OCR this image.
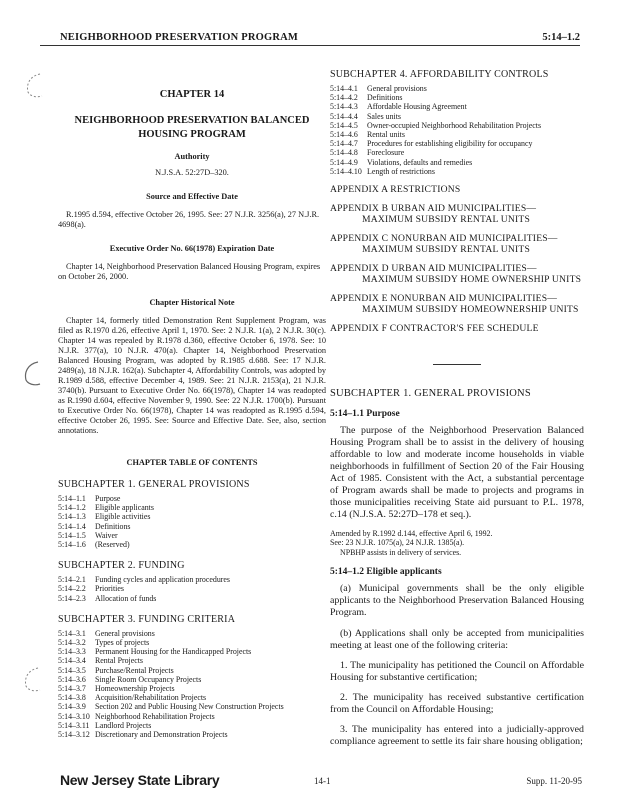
NEIGHBORHOOD PRESERVATION PROGRAM	5:14–1.2
CHAPTER 14
NEIGHBORHOOD PRESERVATION BALANCED
HOUSING PROGRAM
Authority
N.J.S.A. 52:27D–320.
Source and Effective Date
R.1995 d.594, effective October 26, 1995. See: 27 N.J.R. 3256(a), 27 N.J.R. 4698(a).
Executive Order No. 66(1978) Expiration Date
Chapter 14, Neighborhood Preservation Balanced Housing Program, expires on October 26, 2000.
Chapter Historical Note
Chapter 14, formerly titled Demonstration Rent Supplement Program, was filed as R.1970 d.26, effective April 1, 1970. See: 2 N.J.R. 1(a), 2 N.J.R. 30(c). Chapter 14 was repealed by R.1978 d.360, effective October 6, 1978. See: 10 N.J.R. 377(a), 10 N.J.R. 470(a). Chapter 14, Neighborhood Preservation Balanced Housing Program, was adopted by R.1985 d.688. See: 17 N.J.R. 2489(a), 18 N.J.R. 162(a). Subchapter 4, Affordability Controls, was adopted by R.1989 d.588, effective December 4, 1989. See: 21 N.J.R. 2153(a), 21 N.J.R. 3740(b). Pursuant to Executive Order No. 66(1978), Chapter 14 was readopted as R.1990 d.604, effective November 9, 1990. See: 22 N.J.R. 1700(b). Pursuant to Executive Order No. 66(1978), Chapter 14 was readopted as R.1995 d.594, effective October 26, 1995. See: Source and Effective Date. See, also, section annotations.
CHAPTER TABLE OF CONTENTS
SUBCHAPTER 1. GENERAL PROVISIONS
5:14–1.1	Purpose
5:14–1.2	Eligible applicants
5:14–1.3	Eligible activities
5:14–1.4	Definitions
5:14–1.5	Waiver
5:14–1.6	(Reserved)
SUBCHAPTER 2. FUNDING
5:14–2.1	Funding cycles and application procedures
5:14–2.2	Priorities
5:14–2.3	Allocation of funds
SUBCHAPTER 3. FUNDING CRITERIA
5:14–3.1	General provisions
5:14–3.2	Types of projects
5:14–3.3	Permanent Housing for the Handicapped Projects
5:14–3.4	Rental Projects
5:14–3.5	Purchase/Rental Projects
5:14–3.6	Single Room Occupancy Projects
5:14–3.7	Homeownership Projects
5:14–3.8	Acquisition/Rehabilitation Projects
5:14–3.9	Section 202 and Public Housing New Construction Projects
5:14–3.10 Neighborhood Rehabilitation Projects
5:14–3.11 Landlord Projects
5:14–3.12 Discretionary and Demonstration Projects
SUBCHAPTER 4. AFFORDABILITY CONTROLS
5:14–4.1	General provisions
5:14–4.2	Definitions
5:14–4.3	Affordable Housing Agreement
5:14–4.4	Sales units
5:14–4.5	Owner-occupied Neighborhood Rehabilitation Projects
5:14–4.6	Rental units
5:14–4.7	Procedures for establishing eligibility for occupancy
5:14–4.8	Foreclosure
5:14–4.9	Violations, defaults and remedies
5:14–4.10 Length of restrictions
APPENDIX A RESTRICTIONS
APPENDIX B URBAN AID MUNICIPALITIES—
MAXIMUM SUBSIDY RENTAL UNITS
APPENDIX C NONURBAN AID MUNICIPALITIES—
MAXIMUM SUBSIDY RENTAL UNITS
APPENDIX D URBAN AID MUNICIPALITIES—
MAXIMUM SUBSIDY HOME OWNERSHIP UNITS
APPENDIX E NONURBAN AID MUNICIPALITIES—
MAXIMUM SUBSIDY HOMEOWNERSHIP UNITS
APPENDIX F CONTRACTOR'S FEE SCHEDULE
SUBCHAPTER 1. GENERAL PROVISIONS
5:14–1.1 Purpose
The purpose of the Neighborhood Preservation Balanced Housing Program shall be to assist in the delivery of housing affordable to low and moderate income households in viable neighborhoods in fulfillment of Section 20 of the Fair Housing Act of 1985. Consistent with the Act, a substantial percentage of Program awards shall be made to projects and programs in those municipalities receiving State aid pursuant to P.L. 1978, c.14 (N.J.S.A. 52:27D–178 et seq.).
Amended by R.1992 d.144, effective April 6, 1992.
See: 23 N.J.R. 1075(a), 24 N.J.R. 1385(a).
NPBHP assists in delivery of services.
5:14–1.2 Eligible applicants
(a) Municipal governments shall be the only eligible applicants to the Neighborhood Preservation Balanced Housing Program.
(b) Applications shall only be accepted from municipalities meeting at least one of the following criteria:
1. The municipality has petitioned the Council on Affordable Housing for substantive certification;
2. The municipality has received substantive certification from the Council on Affordable Housing;
3. The municipality has entered into a judicially-approved compliance agreement to settle its fair share housing obligation;
New Jersey State Library	14-1	Supp. 11-20-95
